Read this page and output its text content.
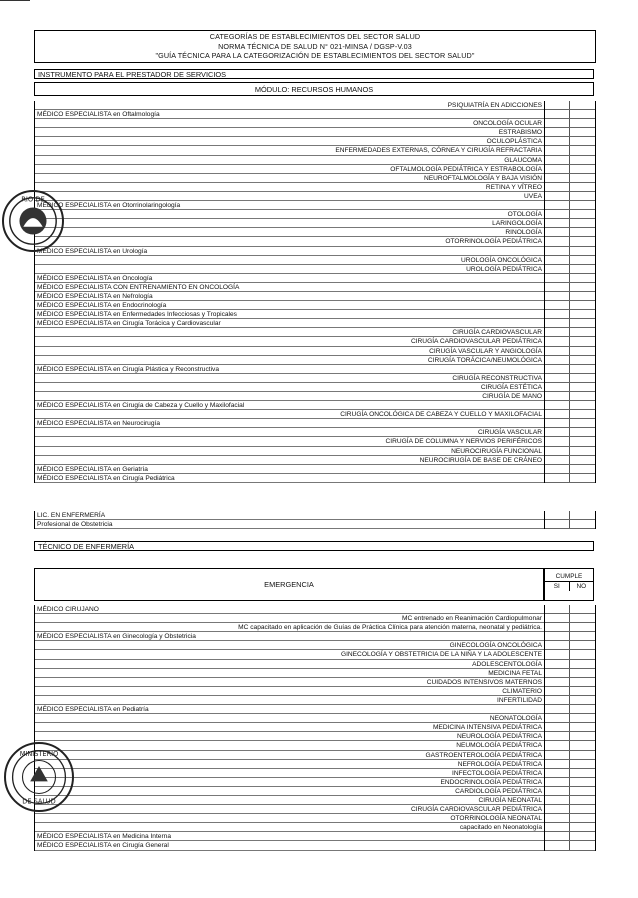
CATEGORÍAS DE ESTABLECIMIENTOS DEL SECTOR SALUD
NORMA TÉCNICA DE SALUD N° 021-MINSA / DGSP-V.03
"GUÍA TÉCNICA PARA LA CATEGORIZACIÓN DE ESTABLECIMIENTOS DEL SECTOR SALUD"
INSTRUMENTO PARA EL PRESTADOR DE SERVICIOS
MÓDULO: RECURSOS HUMANOS
PSIQUIATRÍA EN ADICCIONES
MÉDICO ESPECIALISTA en Oftalmología
ONCOLOGÍA OCULAR
ESTRABISMO
OCULOPLÁSTICA
ENFERMEDADES EXTERNAS, CÓRNEA Y CIRUGÍA REFRACTARIA
GLAUCOMA
OFTALMOLOGÍA PEDIÁTRICA Y ESTRABOLOGÍA
NEUROFTALMOLOGÍA Y BAJA VISIÓN
RETINA Y VÍTREO
UVEA
MÉDICO ESPECIALISTA en Otorrinolaringología
OTOLOGÍA
LARINGOLOGÍA
RINOLOGÍA
OTORRINOLOGÍA PEDIÁTRICA
MÉDICO ESPECIALISTA en Urología
UROLOGÍA ONCOLÓGICA
UROLOGÍA PEDIÁTRICA
MÉDICO ESPECIALISTA en Oncología
MÉDICO ESPECIALISTA CON ENTRENAMIENTO EN ONCOLOGÍA
MÉDICO ESPECIALISTA en Nefrología
MÉDICO ESPECIALISTA en Endocrinología
MÉDICO ESPECIALISTA en Enfermedades Infecciosas y Tropicales
MÉDICO ESPECIALISTA en Cirugía Torácica y Cardiovascular
CIRUGÍA CARDIOVASCULAR
CIRUGÍA CARDIOVASCULAR PEDIÁTRICA
CIRUGÍA VASCULAR Y ANGIOLOGÍA
CIRUGÍA TORÁCICA/NEUMOLÓGICA
MÉDICO ESPECIALISTA en Cirugía Plástica y Reconstructiva
CIRUGÍA RECONSTRUCTIVA
CIRUGÍA ESTÉTICA
CIRUGÍA DE MANO
MÉDICO ESPECIALISTA en Cirugía de Cabeza y Cuello y Maxilofacial
CIRUGÍA ONCOLÓGICA DE CABEZA Y CUELLO Y MAXILOFACIAL
MÉDICO ESPECIALISTA en Neurocirugía
CIRUGÍA VASCULAR
CIRUGÍA DE COLUMNA Y NERVIOS PERIFÉRICOS
NEUROCIRUGÍA FUNCIONAL
NEUROCIRUGÍA DE BASE DE CRÁNEO
MÉDICO ESPECIALISTA en Geriatría
MÉDICO ESPECIALISTA en Cirugía Pediátrica
LIC. EN ENFERMERÍA
Profesional de Obstetricia
TÉCNICO DE ENFERMERÍA
EMERGENCIA
CUMPLE
SI	NO
MÉDICO CIRUJANO
MC entrenado en Reanimación Cardiopulmonar
MC capacitado en aplicación de Guías de Práctica Clínica para atención materna, neonatal y pediátrica.
MÉDICO ESPECIALISTA en Ginecología y Obstetricia
GINECOLOGÍA ONCOLÓGICA
GINECOLOGÍA Y OBSTETRICIA DE LA NIÑA Y LA ADOLESCENTE
ADOLESCENTOLOGÍA
MEDICINA FETAL
CUIDADOS INTENSIVOS MATERNOS
CLIMATERIO
INFERTILIDAD
MÉDICO ESPECIALISTA en Pediatría
NEONATOLOGÍA
MEDICINA INTENSIVA PEDIÁTRICA
NEUROLOGÍA PEDIÁTRICA
NEUMOLOGÍA PEDIÁTRICA
GASTROENTEROLOGÍA PEDIÁTRICA
NEFROLOGÍA PEDIÁTRICA
INFECTOLOGÍA PEDIÁTRICA
ENDOCRINOLOGÍA PEDIÁTRICA
CARDIOLOGÍA PEDIÁTRICA
CIRUGÍA NEONATAL
CIRUGÍA CARDIOVASCULAR PEDIÁTRICA
OTORRINOLOGÍA NEONATAL
capacitado en Neonatología
MÉDICO ESPECIALISTA en Medicina Interna
MÉDICO ESPECIALISTA en Cirugía General
RIO DE
MINISTERIO
DE SALUD
